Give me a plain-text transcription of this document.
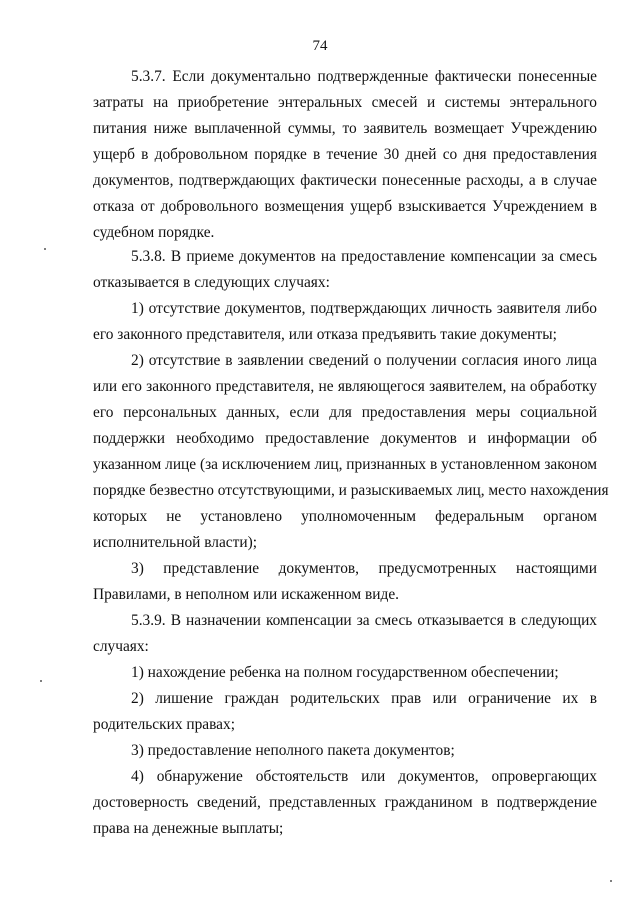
74
5.3.7. Если документально подтвержденные фактически понесенные
затраты на приобретение энтеральных смесей и системы энтерального
питания ниже выплаченной суммы, то заявитель возмещает Учреждению
ущерб в добровольном порядке в течение 30 дней со дня предоставления
документов, подтверждающих фактически понесенные расходы, а в случае
отказа от добровольного возмещения ущерб взыскивается Учреждением в
судебном порядке.
5.3.8. В приеме документов на предоставление компенсации за смесь
отказывается в следующих случаях:
1) отсутствие документов, подтверждающих личность заявителя либо
его законного представителя, или отказа предъявить такие документы;
2) отсутствие в заявлении сведений о получении согласия иного лица
или его законного представителя, не являющегося заявителем, на обработку
его персональных данных, если для предоставления меры социальной
поддержки необходимо предоставление документов и информации об
указанном лице (за исключением лиц, признанных в установленном законом
порядке безвестно отсутствующими, и разыскиваемых лиц, место нахождения
которых не установлено уполномоченным федеральным органом
исполнительной власти);
3) представление документов, предусмотренных настоящими
Правилами, в неполном или искаженном виде.
5.3.9. В назначении компенсации за смесь отказывается в следующих
случаях:
1) нахождение ребенка на полном государственном обеспечении;
2) лишение граждан родительских прав или ограничение их в
родительских правах;
3) предоставление неполного пакета документов;
4) обнаружение обстоятельств или документов, опровергающих
достоверность сведений, представленных гражданином в подтверждение
права на денежные выплаты;
